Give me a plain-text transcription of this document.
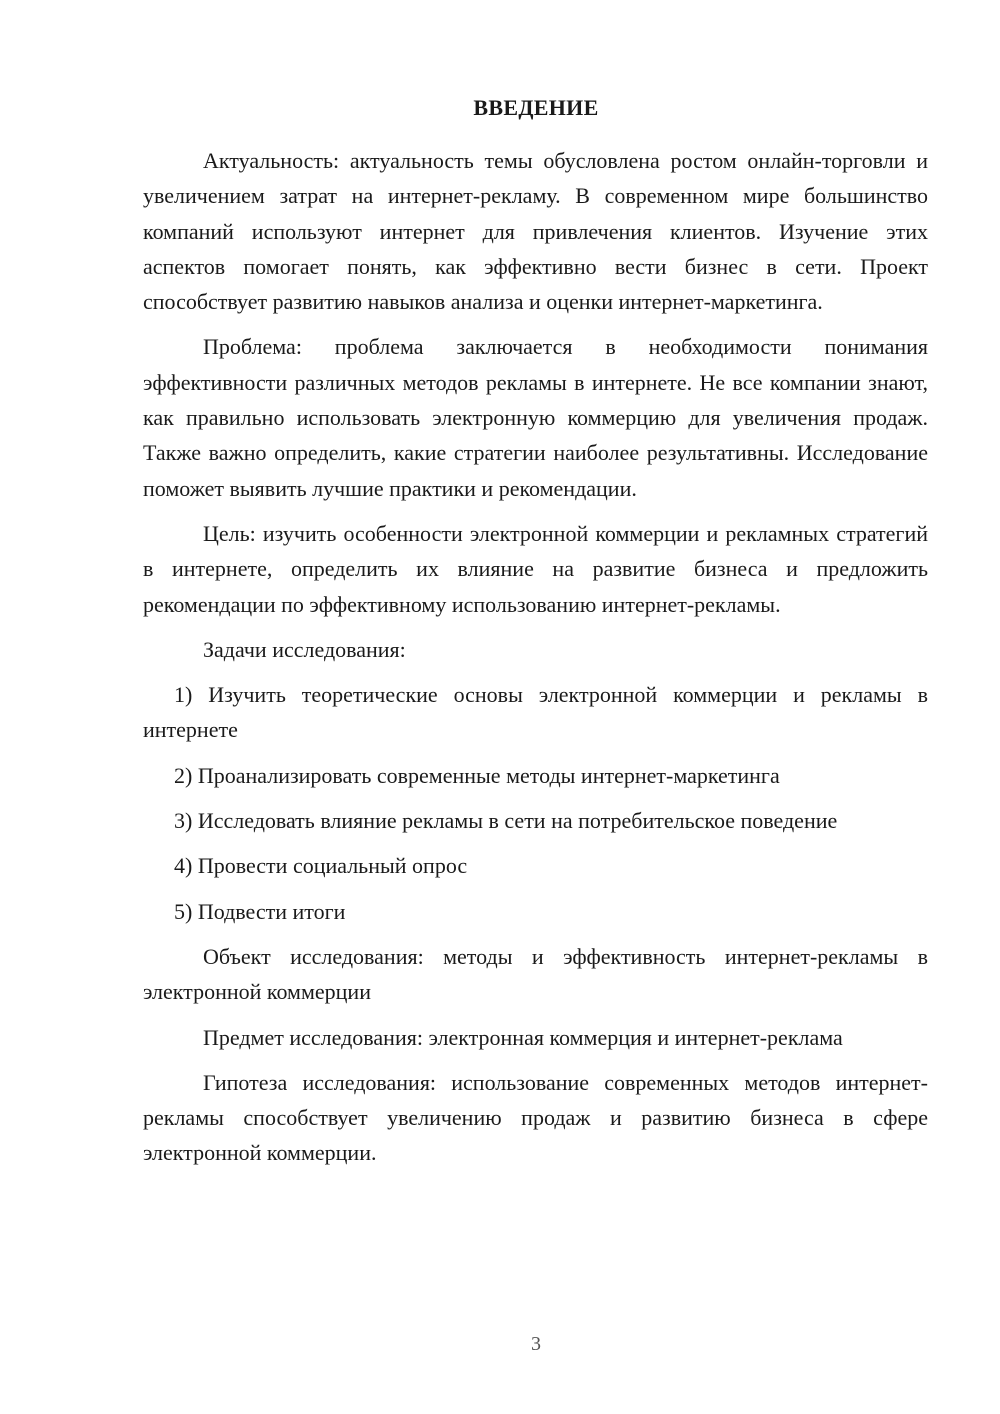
ВВЕДЕНИЕ

Актуальность: актуальность темы обусловлена ростом онлайн-торговли и увеличением затрат на интернет-рекламу. В современном мире большинство компаний используют интернет для привлечения клиентов. Изучение этих аспектов помогает понять, как эффективно вести бизнес в сети. Проект способствует развитию навыков анализа и оценки интернет-маркетинга.

Проблема: проблема заключается в необходимости понимания эффективности различных методов рекламы в интернете. Не все компании знают, как правильно использовать электронную коммерцию для увеличения продаж. Также важно определить, какие стратегии наиболее результативны. Исследование поможет выявить лучшие практики и рекомендации.

Цель: изучить особенности электронной коммерции и рекламных стратегий в интернете, определить их влияние на развитие бизнеса и предложить рекомендации по эффективному использованию интернет-рекламы.

Задачи исследования:

1) Изучить теоретические основы электронной коммерции и рекламы в интернете

2) Проанализировать современные методы интернет-маркетинга

3) Исследовать влияние рекламы в сети на потребительское поведение

4) Провести социальный опрос

5) Подвести итоги

Объект исследования: методы и эффективность интернет-рекламы в электронной коммерции

Предмет исследования: электронная коммерция и интернет-реклама

Гипотеза исследования: использование современных методов интернет-рекламы способствует увеличению продаж и развитию бизнеса в сфере электронной коммерции.

3
